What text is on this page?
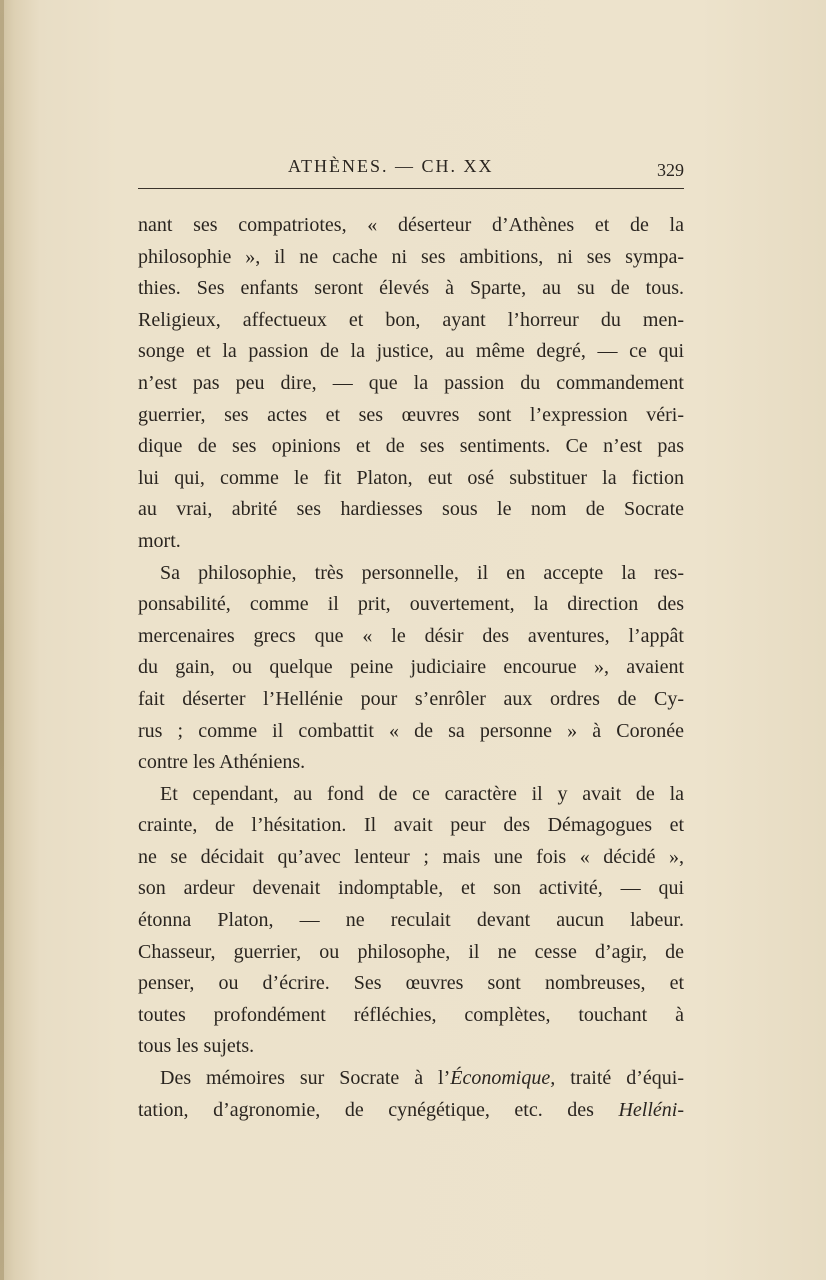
ATHÈNES. — CH. XX	329
nant ses compatriotes, « déserteur d’Athènes et de la
philosophie », il ne cache ni ses ambitions, ni ses sympa-
thies. Ses enfants seront élevés à Sparte, au su de tous.
Religieux, affectueux et bon, ayant l’horreur du men-
songe et la passion de la justice, au même degré, — ce qui
n’est pas peu dire, — que la passion du commandement
guerrier, ses actes et ses œuvres sont l’expression véri-
dique de ses opinions et de ses sentiments. Ce n’est pas
lui qui, comme le fit Platon, eut osé substituer la fiction
au vrai, abrité ses hardiesses sous le nom de Socrate
mort.
Sa philosophie, très personnelle, il en accepte la res-
ponsabilité, comme il prit, ouvertement, la direction des
mercenaires grecs que « le désir des aventures, l’appât
du gain, ou quelque peine judiciaire encourue », avaient
fait déserter l’Hellénie pour s’enrôler aux ordres de Cy-
rus ; comme il combattit « de sa personne » à Coronée
contre les Athéniens.
Et cependant, au fond de ce caractère il y avait de la
crainte, de l’hésitation. Il avait peur des Démagogues et
ne se décidait qu’avec lenteur ; mais une fois « décidé »,
son ardeur devenait indomptable, et son activité, — qui
étonna Platon, — ne reculait devant aucun labeur.
Chasseur, guerrier, ou philosophe, il ne cesse d’agir, de
penser, ou d’écrire. Ses œuvres sont nombreuses, et
toutes profondément réfléchies, complètes, touchant à
tous les sujets.
Des mémoires sur Socrate à l’Économique, traité d’équi-
tation, d’agronomie, de cynégétique, etc. des Helléni-
